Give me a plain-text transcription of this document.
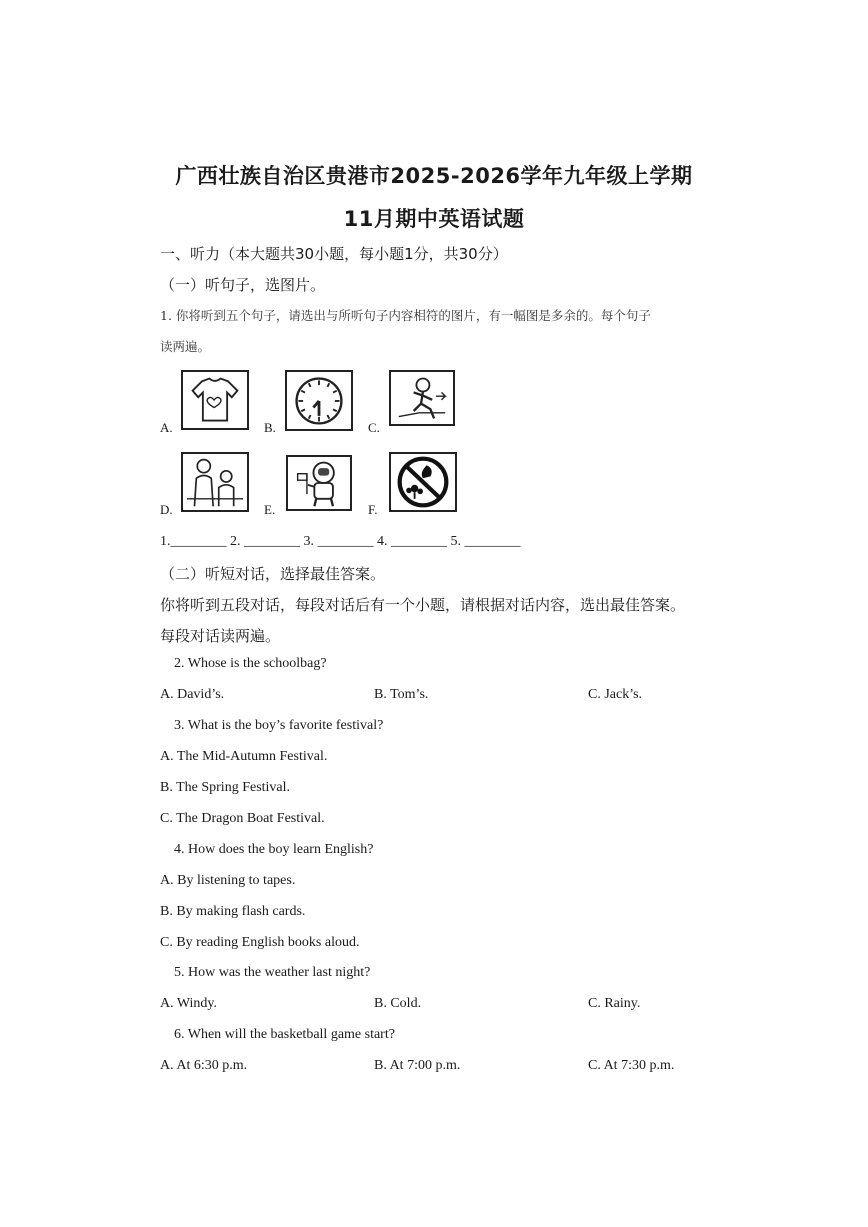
广西壮族自治区贵港市2025-2026学年九年级上学期
11月期中英语试题
一、听力（本大题共30小题，每小题1分，共30分）
（一）听句子，选图片。
1. 你将听到五个句子，请选出与所听句子内容相符的图片，有一幅图是多余的。每个句子
读两遍。
A.	B.	C.
D.	E.	F.
1.________ 2. ________ 3. ________ 4. ________ 5. ________
（二）听短对话，选择最佳答案。
你将听到五段对话，每段对话后有一个小题，请根据对话内容，选出最佳答案。
每段对话读两遍。
2. Whose is the schoolbag?
A. David’s.	B. Tom’s.	C. Jack’s.
3. What is the boy’s favorite festival?
A. The Mid-Autumn Festival.
B. The Spring Festival.
C. The Dragon Boat Festival.
4. How does the boy learn English?
A. By listening to tapes.
B. By making flash cards.
C. By reading English books aloud.
5. How was the weather last night?
A. Windy.	B. Cold.	C. Rainy.
6. When will the basketball game start?
A. At 6:30 p.m.	B. At 7:00 p.m.	C. At 7:30 p.m.
